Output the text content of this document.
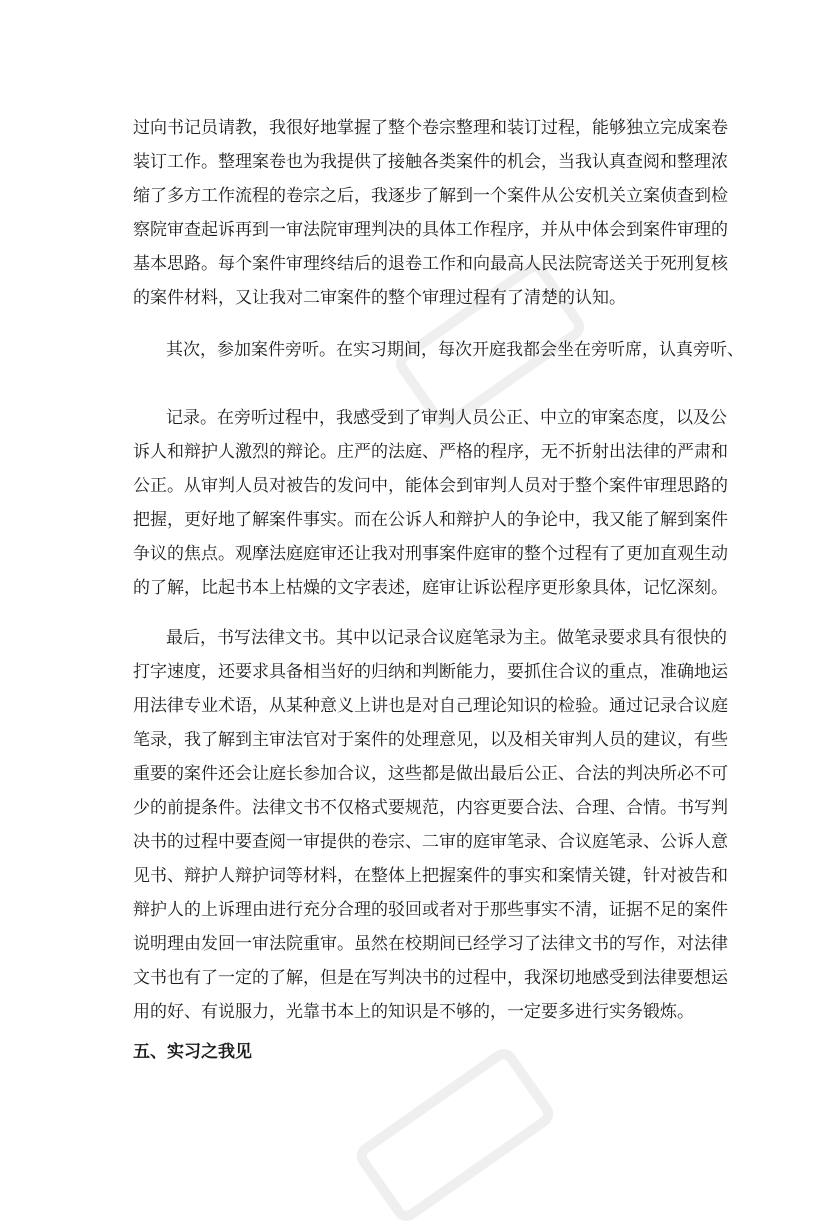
过向书记员请教，我很好地掌握了整个卷宗整理和装订过程，能够独立完成案卷
装订工作。整理案卷也为我提供了接触各类案件的机会，当我认真查阅和整理浓
缩了多方工作流程的卷宗之后，我逐步了解到一个案件从公安机关立案侦查到检
察院审查起诉再到一审法院审理判决的具体工作程序，并从中体会到案件审理的
基本思路。每个案件审理终结后的退卷工作和向最高人民法院寄送关于死刑复核
的案件材料，又让我对二审案件的整个审理过程有了清楚的认知。
其次，参加案件旁听。在实习期间，每次开庭我都会坐在旁听席，认真旁听、
记录。在旁听过程中，我感受到了审判人员公正、中立的审案态度，以及公
诉人和辩护人激烈的辩论。庄严的法庭、严格的程序，无不折射出法律的严肃和
公正。从审判人员对被告的发问中，能体会到审判人员对于整个案件审理思路的
把握，更好地了解案件事实。而在公诉人和辩护人的争论中，我又能了解到案件
争议的焦点。观摩法庭庭审还让我对刑事案件庭审的整个过程有了更加直观生动
的了解，比起书本上枯燥的文字表述，庭审让诉讼程序更形象具体，记忆深刻。
最后，书写法律文书。其中以记录合议庭笔录为主。做笔录要求具有很快的
打字速度，还要求具备相当好的归纳和判断能力，要抓住合议的重点，准确地运
用法律专业术语，从某种意义上讲也是对自己理论知识的检验。通过记录合议庭
笔录，我了解到主审法官对于案件的处理意见，以及相关审判人员的建议，有些
重要的案件还会让庭长参加合议，这些都是做出最后公正、合法的判决所必不可
少的前提条件。法律文书不仅格式要规范，内容更要合法、合理、合情。书写判
决书的过程中要查阅一审提供的卷宗、二审的庭审笔录、合议庭笔录、公诉人意
见书、辩护人辩护词等材料，在整体上把握案件的事实和案情关键，针对被告和
辩护人的上诉理由进行充分合理的驳回或者对于那些事实不清，证据不足的案件
说明理由发回一审法院重审。虽然在校期间已经学习了法律文书的写作，对法律
文书也有了一定的了解，但是在写判决书的过程中，我深切地感受到法律要想运
用的好、有说服力，光靠书本上的知识是不够的，一定要多进行实务锻炼。
五、实习之我见
